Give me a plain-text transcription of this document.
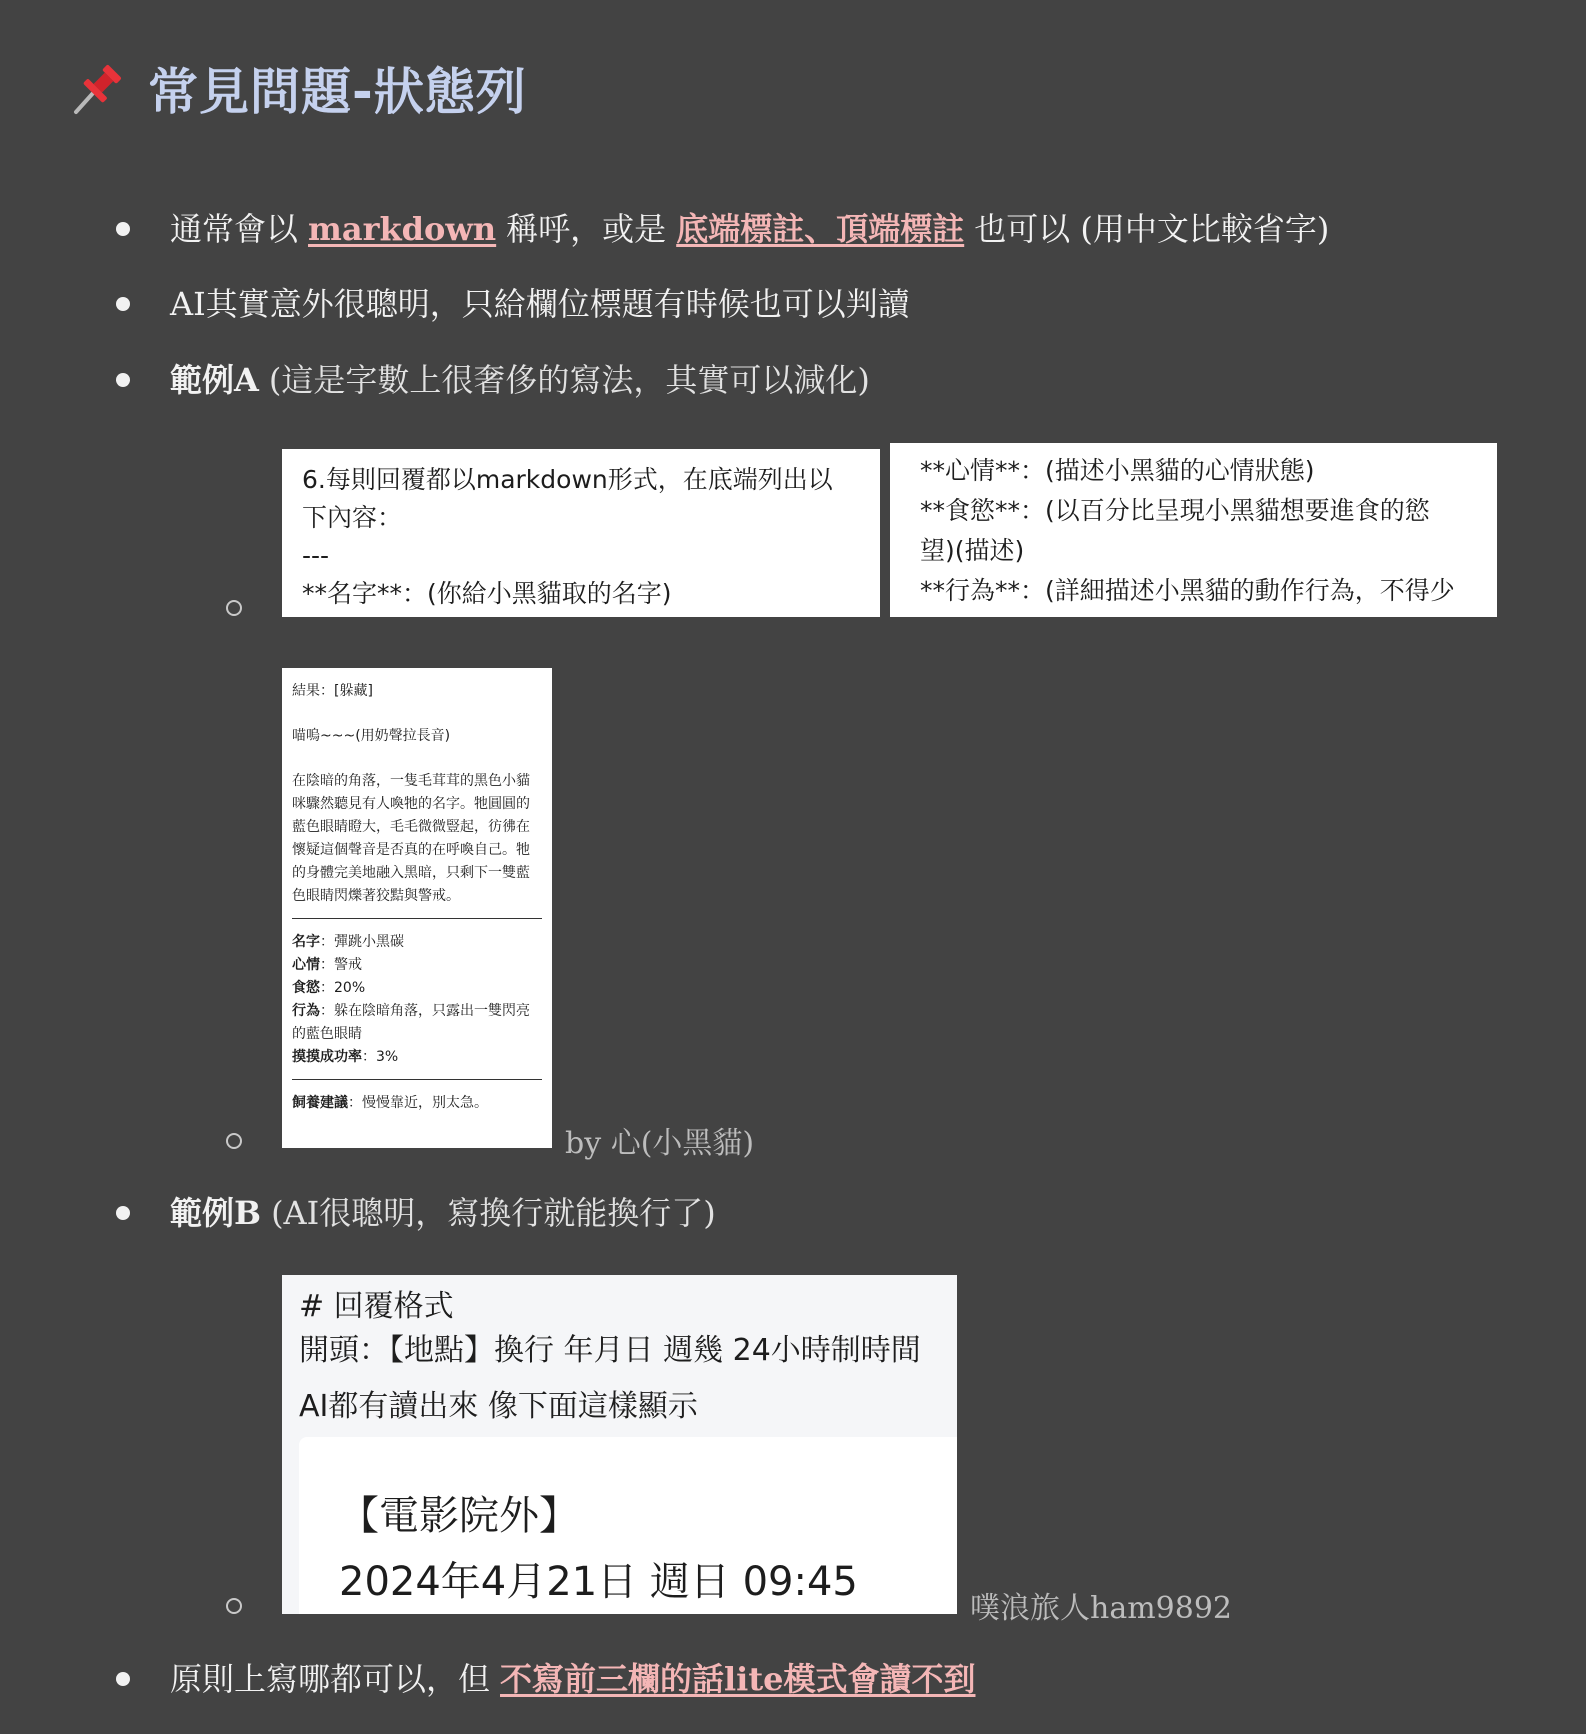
常見問題-狀態列
通常會以 markdown 稱呼，或是 底端標註、頂端標註 也可以 (用中文比較省字)
AI其實意外很聰明，只給欄位標題有時候也可以判讀
範例A (這是字數上很奢侈的寫法，其實可以減化)
6.每則回覆都以markdown形式，在底端列出以
下內容：
---
**名字**：(你給小黑貓取的名字)
**心情**：(描述小黑貓的心情狀態)
**食慾**：(以百分比呈現小黑貓想要進食的慾
望)(描述)
**行為**：(詳細描述小黑貓的動作行為，不得少

結果：[躲藏]

喵嗚~~~(用奶聲拉長音)

在陰暗的角落，一隻毛茸茸的黑色小貓咪驟然聽見有人喚牠的名字。牠圓圓的藍色眼睛瞪大，毛毛微微豎起，彷彿在懷疑這個聲音是否真的在呼喚自己。牠的身體完美地融入黑暗，只剩下一雙藍色眼睛閃爍著狡黠與警戒。

名字：彈跳小黑碳

心情：警戒

食慾：20%

行為：躲在陰暗角落，只露出一雙閃亮的藍色眼睛

摸摸成功率：3%

飼養建議：慢慢靠近，別太急。

by 心(小黑貓)
範例B (AI很聰明，寫換行就能換行了)
# 回覆格式
開頭：【地點】換行 年月日 週幾 24小時制時間
AI都有讀出來 像下面這樣顯示
【電影院外】
2024年4月21日 週日 09:45
噗浪旅人ham9892
原則上寫哪都可以，但 不寫前三欄的話lite模式會讀不到
